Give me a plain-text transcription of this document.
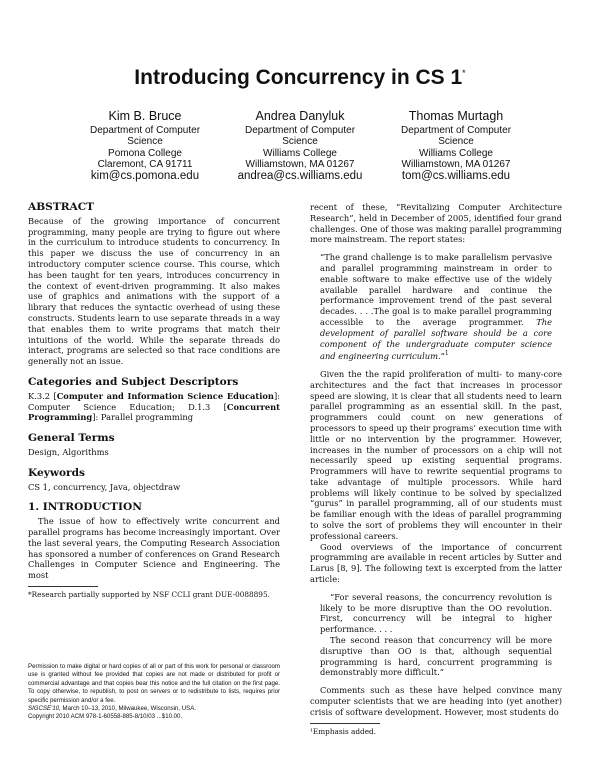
Introducing Concurrency in CS 1*
Kim B. Bruce
Department of Computer
Science
Pomona College
Claremont, CA 91711
kim@cs.pomona.edu
Andrea Danyluk
Department of Computer
Science
Williams College
Williamstown, MA 01267
andrea@cs.williams.edu
Thomas Murtagh
Department of Computer
Science
Williams College
Williamstown, MA 01267
tom@cs.williams.edu
ABSTRACT

Because of the growing importance of concurrent programming, many people are trying to figure out where in the curriculum to introduce students to concurrency. In this paper we discuss the use of concurrency in an introductory computer science course. This course, which has been taught for ten years, introduces concurrency in the context of event-driven programming. It also makes use of graphics and animations with the support of a library that reduces the syntactic overhead of using these constructs. Students learn to use separate threads in a way that enables them to write programs that match their intuitions of the world. While the separate threads do interact, programs are selected so that race conditions are generally not an issue.

Categories and Subject Descriptors

K.3.2 [Computer and Information Science Education]: Computer Science Education; D.1.3 [Concurrent Programming]: Parallel programming

General Terms

Design, Algorithms

Keywords

CS 1, concurrency, Java, objectdraw

1. INTRODUCTION

The issue of how to effectively write concurrent and parallel programs has become increasingly important. Over the last several years, the Computing Research Association has sponsored a number of conferences on Grand Research Challenges in Computer Science and Engineering. The most

*Research partially supported by NSF CCLI grant DUE-0088895.

Permission to make digital or hard copies of all or part of this work for personal or classroom use is granted without fee provided that copies are not made or distributed for profit or commercial advantage and that copies bear this notice and the full citation on the first page. To copy otherwise, to republish, to post on servers or to redistribute to lists, requires prior specific permission and/or a fee.

SIGCSE’10, March 10–13, 2010, Milwaukee, Wisconsin, USA.

Copyright 2010 ACM 978-1-60558-885-8/10/03 ...$10.00.

recent of these, “Revitalizing Computer Architecture Research”, held in December of 2005, identified four grand challenges. One of those was making parallel programming more mainstream. The report states:

“The grand challenge is to make parallelism pervasive and parallel programming mainstream in order to enable software to make effective use of the widely available parallel hardware and continue the performance improvement trend of the past several decades. . . .The goal is to make parallel programming accessible to the average programmer. The development of parallel software should be a core component of the undergraduate computer science and engineering curriculum.”$^1$

Given the the rapid proliferation of multi- to many-core architectures and the fact that increases in processor speed are slowing, it is clear that all students need to learn parallel programming as an essential skill. In the past, programmers could count on new generations of processors to speed up their programs’ execution time with little or no intervention by the programmer. However, increases in the number of processors on a chip will not necessarily speed up existing sequential programs. Programmers will have to rewrite sequential programs to take advantage of multiple processors. While hard problems will likely continue to be solved by specialized “gurus” in parallel programming, all of our students must be familiar enough with the ideas of parallel programming to solve the sort of problems they will encounter in their professional careers.

Good overviews of the importance of concurrent programming are available in recent articles by Sutter and Larus [8, 9]. The following text is excerpted from the latter article:

“For several reasons, the concurrency revolution is likely to be more disruptive than the OO revolution. First, concurrency will be integral to higher performance. . . .

The second reason that concurrency will be more disruptive than OO is that, although sequential programming is hard, concurrent programming is demonstrably more difficult.”

Comments such as these have helped convince many computer scientists that we are heading into (yet another) crisis of software development. However, most students do

¹Emphasis added.
